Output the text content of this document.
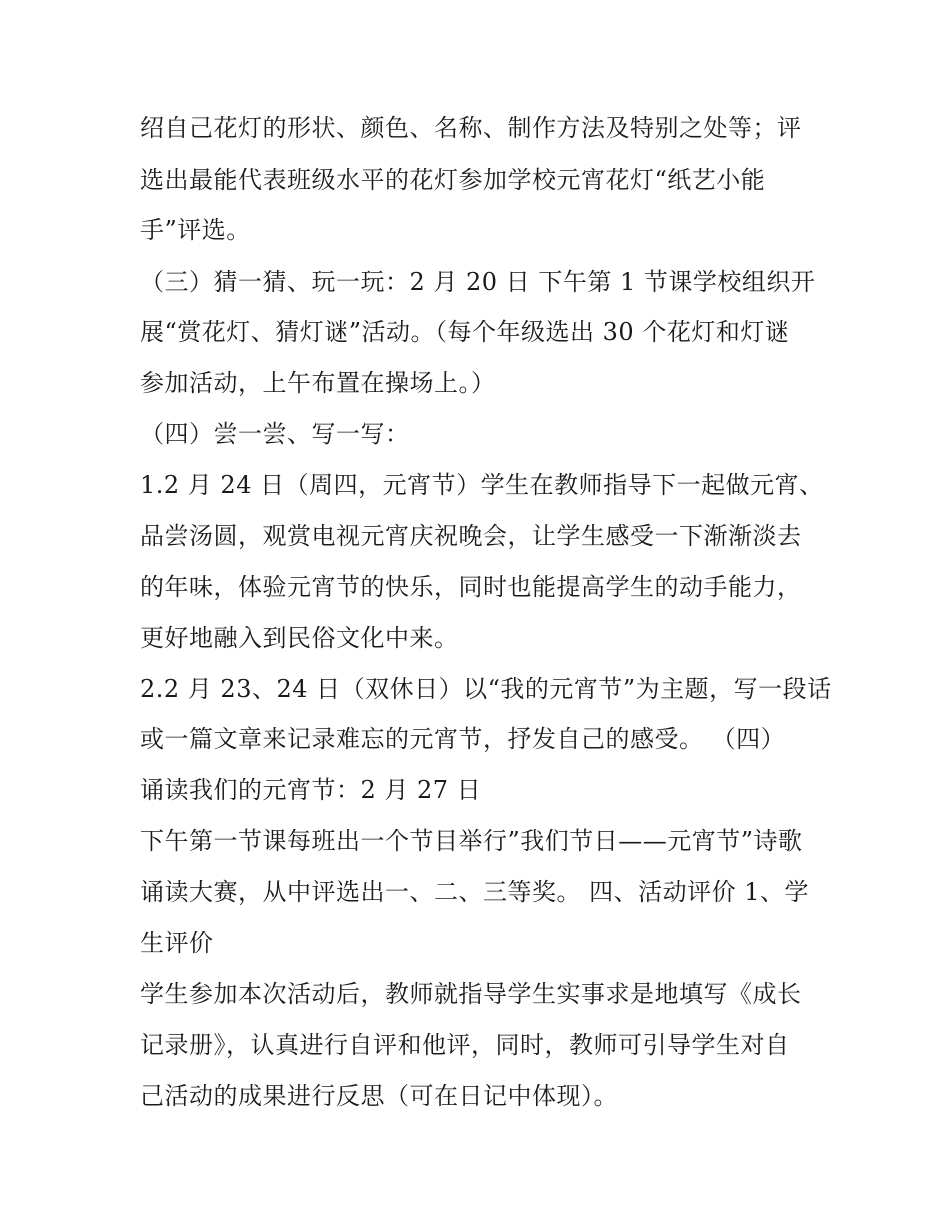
绍自己花灯的形状、颜色、名称、制作方法及特别之处等；评
选出最能代表班级水平的花灯参加学校元宵花灯“纸艺小能
手”评选。
（三）猜一猜、玩一玩：2 月 20 日 下午第 1 节课学校组织开
展“赏花灯、猜灯谜”活动。（每个年级选出 30 个花灯和灯谜
参加活动，上午布置在操场上。）
（四）尝一尝、写一写：
1.2 月 24 日（周四，元宵节）学生在教师指导下一起做元宵、
品尝汤圆，观赏电视元宵庆祝晚会，让学生感受一下渐渐淡去
的年味，体验元宵节的快乐，同时也能提高学生的动手能力，
更好地融入到民俗文化中来。
2.2 月 23、24 日（双休日）以“我的元宵节”为主题，写一段话
或一篇文章来记录难忘的元宵节，抒发自己的感受。 （四）
诵读我们的元宵节：2 月 27 日
下午第一节课每班出一个节目举行”我们节日——元宵节”诗歌
诵读大赛，从中评选出一、二、三等奖。 四、活动评价 1、学
生评价
学生参加本次活动后，教师就指导学生实事求是地填写《成长
记录册》，认真进行自评和他评，同时，教师可引导学生对自
己活动的成果进行反思（可在日记中体现）。
